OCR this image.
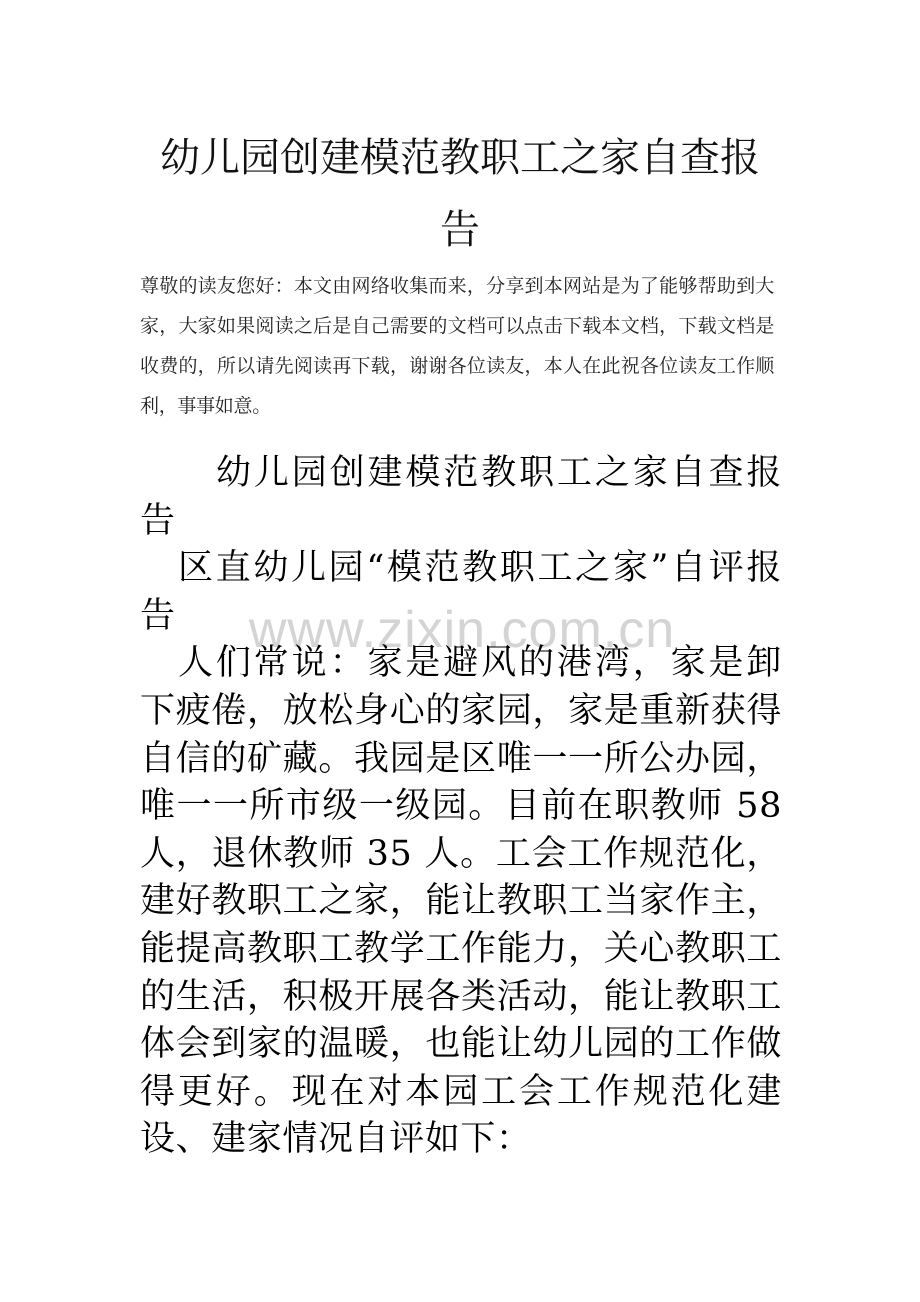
www.zixin.com.cn
幼儿园创建模范教职工之家自查报
告

尊敬的读友您好：本文由网络收集而来，分享到本网站是为了能够帮助到大家，大家如果阅读之后是自己需要的文档可以点击下载本文档，下载文档是收费的，所以请先阅读再下载，谢谢各位读友，本人在此祝各位读友工作顺利，事事如意。

幼儿园创建模范教职工之家自查报告

区直幼儿园“模范教职工之家”自评报告

人们常说：家是避风的港湾，家是卸下疲倦，放松身心的家园，家是重新获得自信的矿藏。我园是区唯一一所公办园，唯一一所市级一级园。目前在职教师 58 人，退休教师 35 人。工会工作规范化，建好教职工之家，能让教职工当家作主，能提高教职工教学工作能力，关心教职工的生活，积极开展各类活动，能让教职工体会到家的温暖，也能让幼儿园的工作做得更好。现在对本园工会工作规范化建设、建家情况自评如下：
